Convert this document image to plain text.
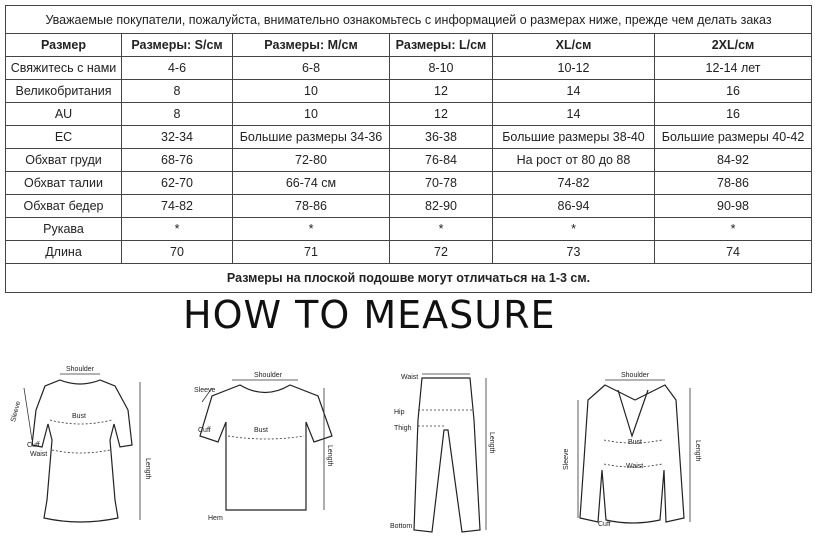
Уважаемые покупатели, пожалуйста, внимательно ознакомьтесь с информацией о размерах ниже, прежде чем делать заказ					
Размер	Размеры: S/см	Размеры: M/см	Размеры: L/см	XL/см	2XL/см
Свяжитесь с нами	4-6	6-8	8-10	10-12	12-14 лет
Великобритания	8	10	12	14	16
AU	8	10	12	14	16
EC	32-34	Большие размеры 34-36	36-38	Большие размеры 38-40	Большие размеры 40-42
Обхват груди	68-76	72-80	76-84	На рост от 80 до 88	84-92
Обхват талии	62-70	66-74 см	70-78	74-82	78-86
Обхват бедер	74-82	78-86	82-90	86-94	90-98
Рукава	*	*	*	*	*
Длина	70	71	72	73	74
Размеры на плоской подошве могут отличаться на 1-3 см.					
HOW TO MEASURE
Shoulder
Sleeve	Bust
Cuff
Waist
Length
Shoulder
Sleeve
Bust
Cuff
Hem
Length
Waist
Hip
Thigh
Bottom
Length
Shoulder
Sleeve
Bust
Waist
Cuff
Length
